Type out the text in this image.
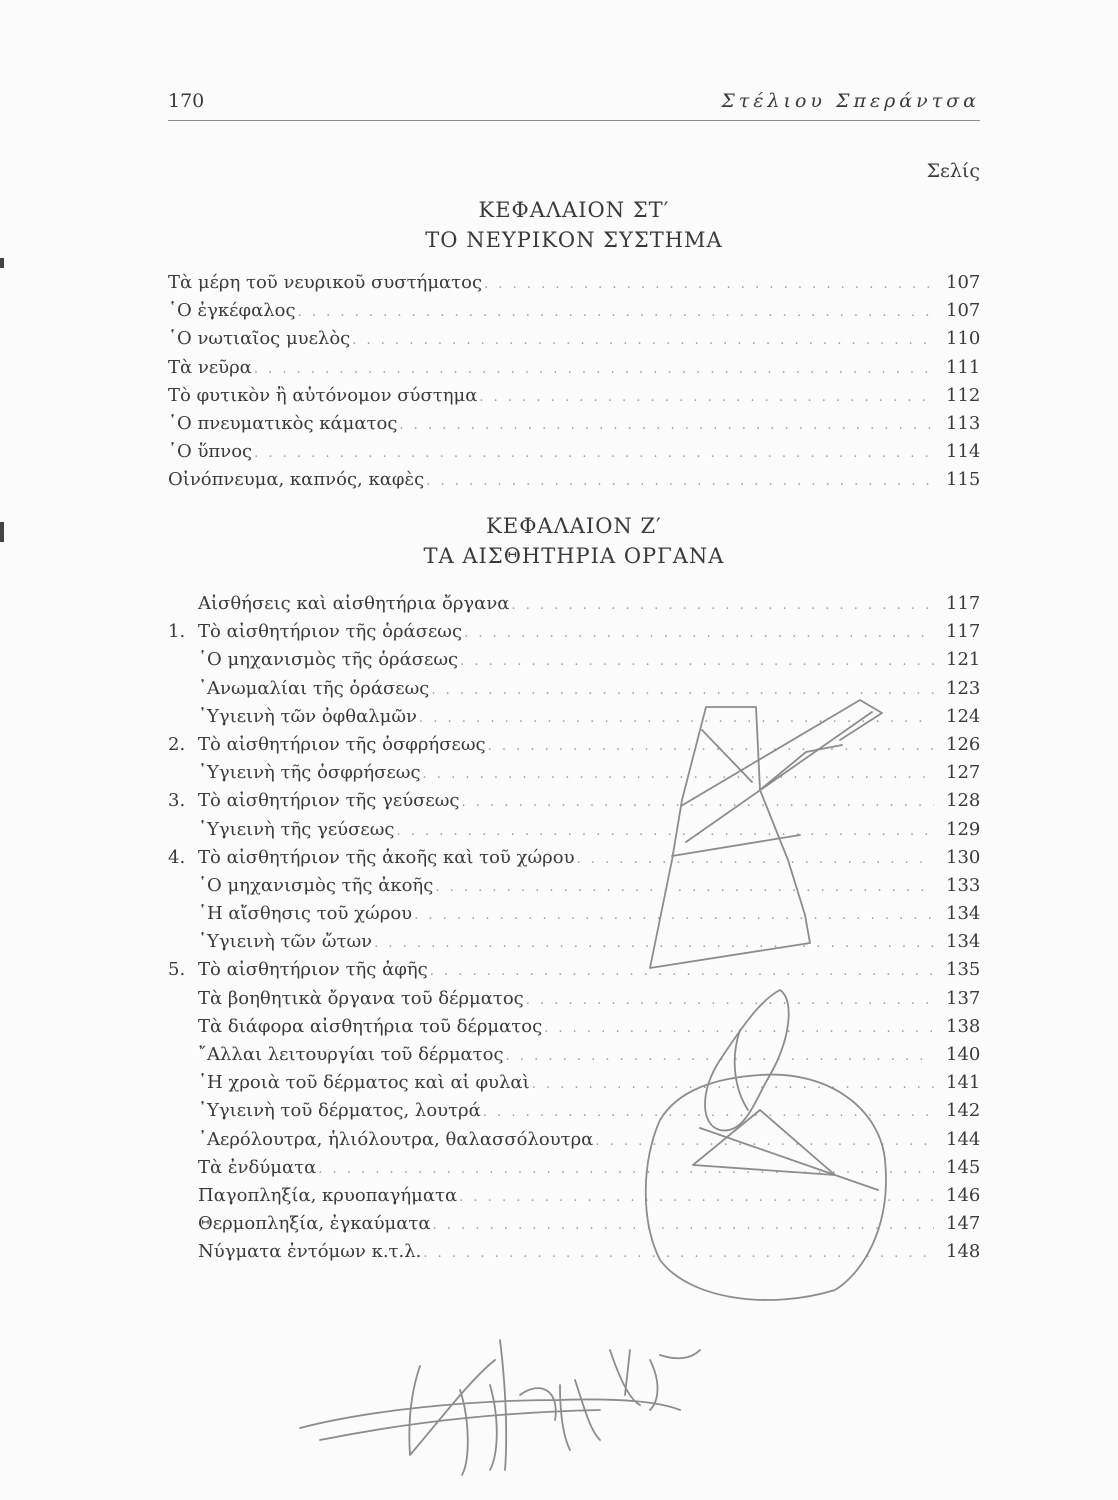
170	Στέλιου Σπεράντσα
Σελίς
ΚΕΦΑΛΑΙΟΝ ΣΤ′
ΤΟ ΝΕΥΡΙΚΟΝ ΣΥΣΤΗΜΑ
Τὰ μέρη τοῦ νευρικοῦ συστήματος . . .	107
῾Ο ἐγκέφαλος . . .	107
῾Ο νωτιαῖος μυελὸς . . .	110
Τὰ νεῦρα . . .	111
Τὸ φυτικὸν ἢ αὐτόνομον σύστημα . . .	112
῾Ο πνευματικὸς κάματος . . .	113
῾Ο ὕπνος . . .	114
Οἰνόπνευμα, καπνός, καφὲς . . .	115
ΚΕΦΑΛΑΙΟΝ Ζ′
ΤΑ ΑΙΣΘΗΤΗΡΙΑ ΟΡΓΑΝΑ
Αἰσθήσεις καὶ αἰσθητήρια ὄργανα . . .	117
1. Τὸ αἰσθητήριον τῆς ὁράσεως . . .	117
῾Ο μηχανισμὸς τῆς ὁράσεως . . .	121
᾿Ανωμαλίαι τῆς ὁράσεως . . .	123
῾Υγιεινὴ τῶν ὀφθαλμῶν . . .	124
2. Τὸ αἰσθητήριον τῆς ὀσφρήσεως . . .	126
῾Υγιεινὴ τῆς ὀσφρήσεως . . .	127
3. Τὸ αἰσθητήριον τῆς γεύσεως . . .	128
῾Υγιεινὴ τῆς γεύσεως . . .	129
4. Τὸ αἰσθητήριον τῆς ἀκοῆς καὶ τοῦ χώρου . . .	130
῾Ο μηχανισμὸς τῆς ἀκοῆς . . .	133
῾Η αἴσθησις τοῦ χώρου . . .	134
῾Υγιεινὴ τῶν ὤτων . . .	134
5. Τὸ αἰσθητήριον τῆς ἀφῆς . . .	135
Τὰ βοηθητικὰ ὄργανα τοῦ δέρματος . . .	137
Τὰ διάφορα αἰσθητήρια τοῦ δέρματος . . .	138
῎Αλλαι λειτουργίαι τοῦ δέρματος . . .	140
῾Η χροιὰ τοῦ δέρματος καὶ αἱ φυλαὶ . . .	141
῾Υγιεινὴ τοῦ δέρματος, λουτρά . . .	142
᾿Αερόλουτρα, ἡλιόλουτρα, θαλασσόλουτρα . . .	144
Τὰ ἐνδύματα . . .	145
Παγοπληξία, κρυοπαγήματα . . .	146
Θερμοπληξία, ἐγκαύματα . . .	147
Νύγματα ἐντόμων κ.τ.λ. . . .	148
